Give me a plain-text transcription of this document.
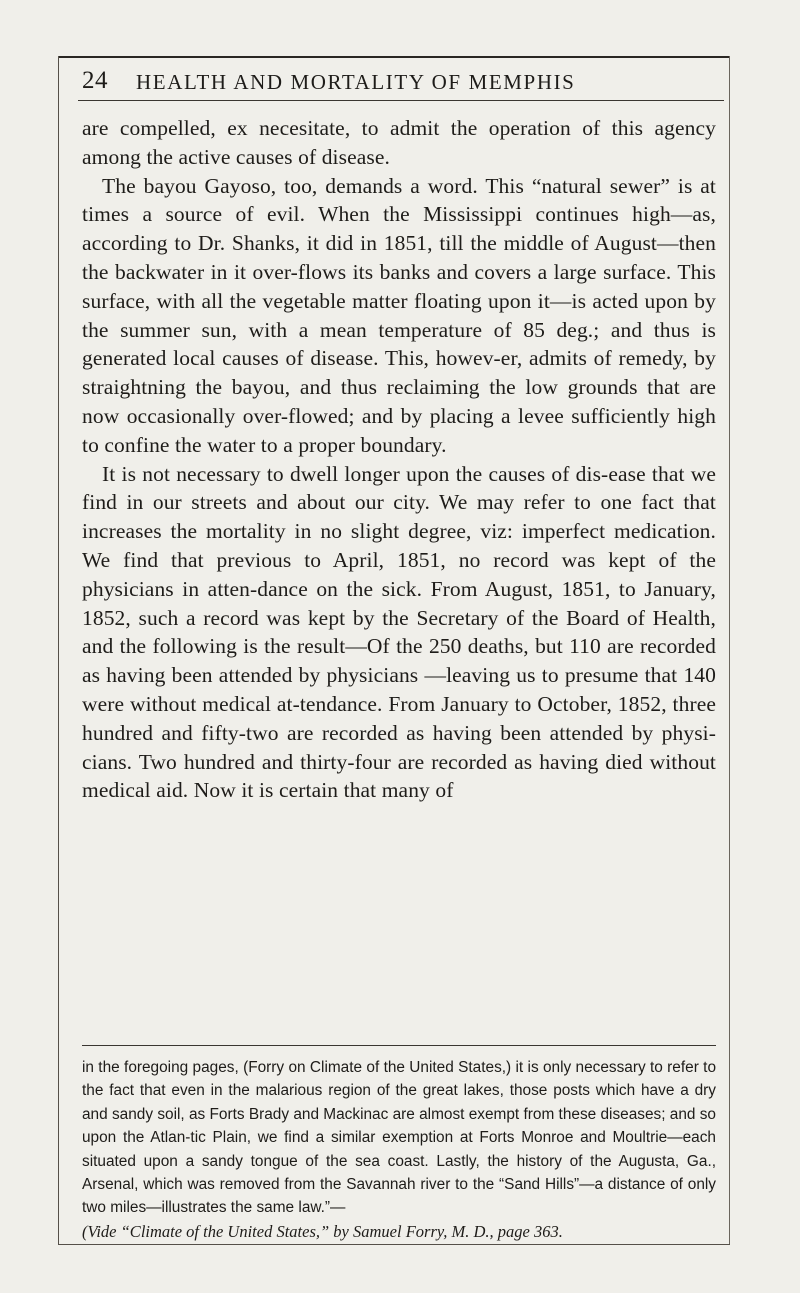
24 HEALTH AND MORTALITY OF MEMPHIS

are compelled, ex necesitate, to admit the operation of this agency among the active causes of disease.

The bayou Gayoso, too, demands a word. This “natural sewer” is at times a source of evil. When the Mississippi continues high—as, according to Dr. Shanks, it did in 1851, till the middle of August—then the backwater in it over-flows its banks and covers a large surface. This surface, with all the vegetable matter floating upon it—is acted upon by the summer sun, with a mean temperature of 85 deg.; and thus is generated local causes of disease. This, howev-er, admits of remedy, by straightning the bayou, and thus reclaiming the low grounds that are now occasionally over-flowed; and by placing a levee sufficiently high to confine the water to a proper boundary.

It is not necessary to dwell longer upon the causes of dis-ease that we find in our streets and about our city. We may refer to one fact that increases the mortality in no slight degree, viz: imperfect medication. We find that previous to April, 1851, no record was kept of the physicians in atten-dance on the sick. From August, 1851, to January, 1852, such a record was kept by the Secretary of the Board of Health, and the following is the result—Of the 250 deaths, but 110 are recorded as having been attended by physicians —leaving us to presume that 140 were without medical at-tendance. From January to October, 1852, three hundred and fifty-two are recorded as having been attended by physi-cians. Two hundred and thirty-four are recorded as having died without medical aid. Now it is certain that many of

in the foregoing pages, (Forry on Climate of the United States,) it is only necessary to refer to the fact that even in the malarious region of the great lakes, those posts which have a dry and sandy soil, as Forts Brady and Mackinac are almost exempt from these diseases; and so upon the Atlan-tic Plain, we find a similar exemption at Forts Monroe and Moultrie—each situated upon a sandy tongue of the sea coast. Lastly, the history of the Augusta, Ga., Arsenal, which was removed from the Savannah river to the “Sand Hills”—a distance of only two miles—illustrates the same law.”—

(Vide “Climate of the United States,” by Samuel Forry, M. D., page 363.
